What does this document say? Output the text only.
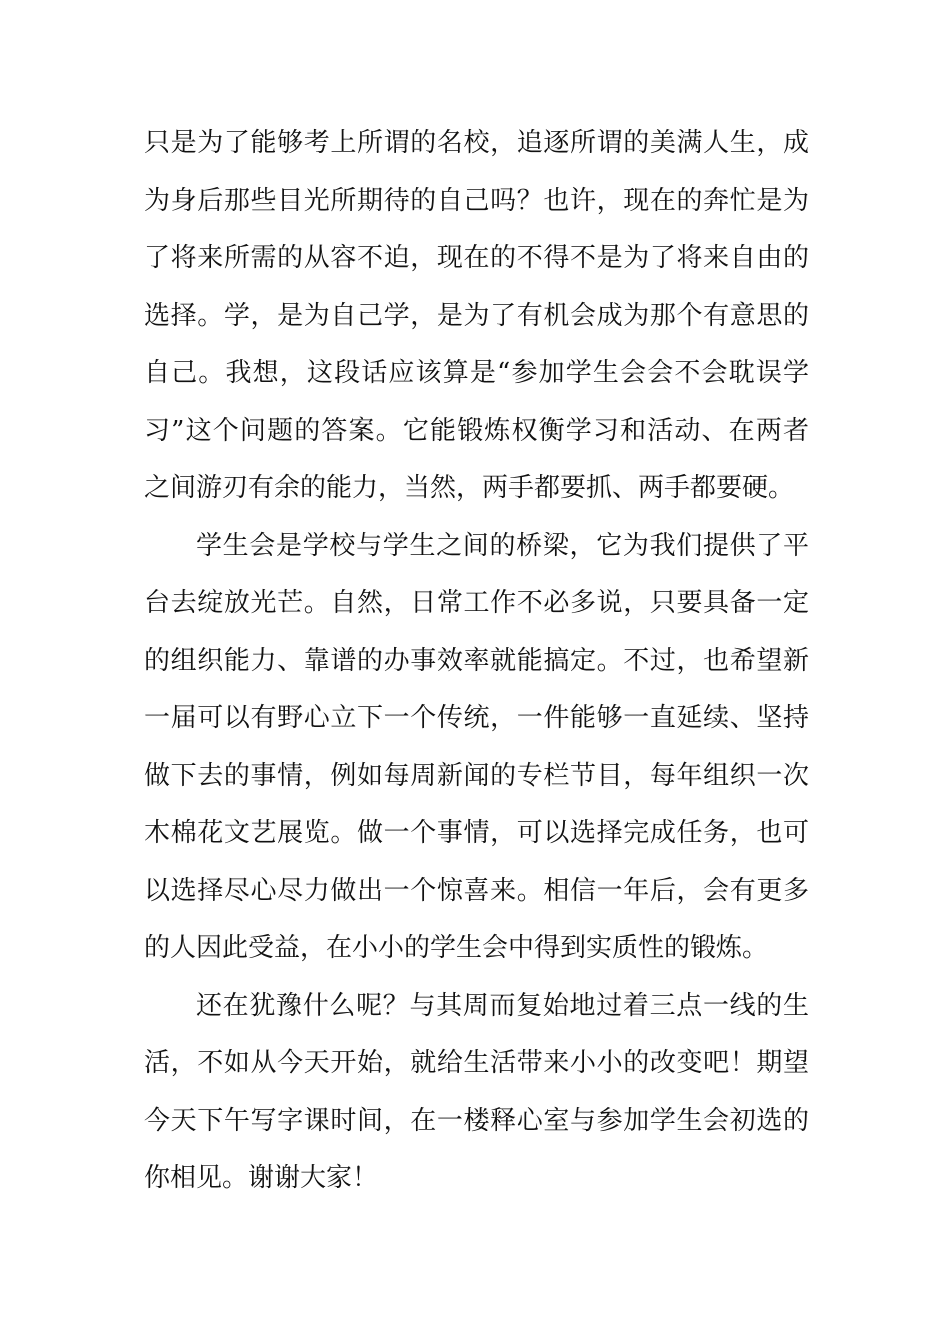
只是为了能够考上所谓的名校，追逐所谓的美满人生，成
为身后那些目光所期待的自己吗？也许，现在的奔忙是为
了将来所需的从容不迫，现在的不得不是为了将来自由的
选择。学，是为自己学，是为了有机会成为那个有意思的
自己。我想，这段话应该算是“参加学生会会不会耽误学
习”这个问题的答案。它能锻炼权衡学习和活动、在两者
之间游刃有余的能力，当然，两手都要抓、两手都要硬。
学生会是学校与学生之间的桥梁，它为我们提供了平
台去绽放光芒。自然，日常工作不必多说，只要具备一定
的组织能力、靠谱的办事效率就能搞定。不过，也希望新
一届可以有野心立下一个传统，一件能够一直延续、坚持
做下去的事情，例如每周新闻的专栏节目，每年组织一次
木棉花文艺展览。做一个事情，可以选择完成任务，也可
以选择尽心尽力做出一个惊喜来。相信一年后，会有更多
的人因此受益，在小小的学生会中得到实质性的锻炼。
还在犹豫什么呢？与其周而复始地过着三点一线的生
活，不如从今天开始，就给生活带来小小的改变吧！期望
今天下午写字课时间，在一楼释心室与参加学生会初选的
你相见。谢谢大家！
